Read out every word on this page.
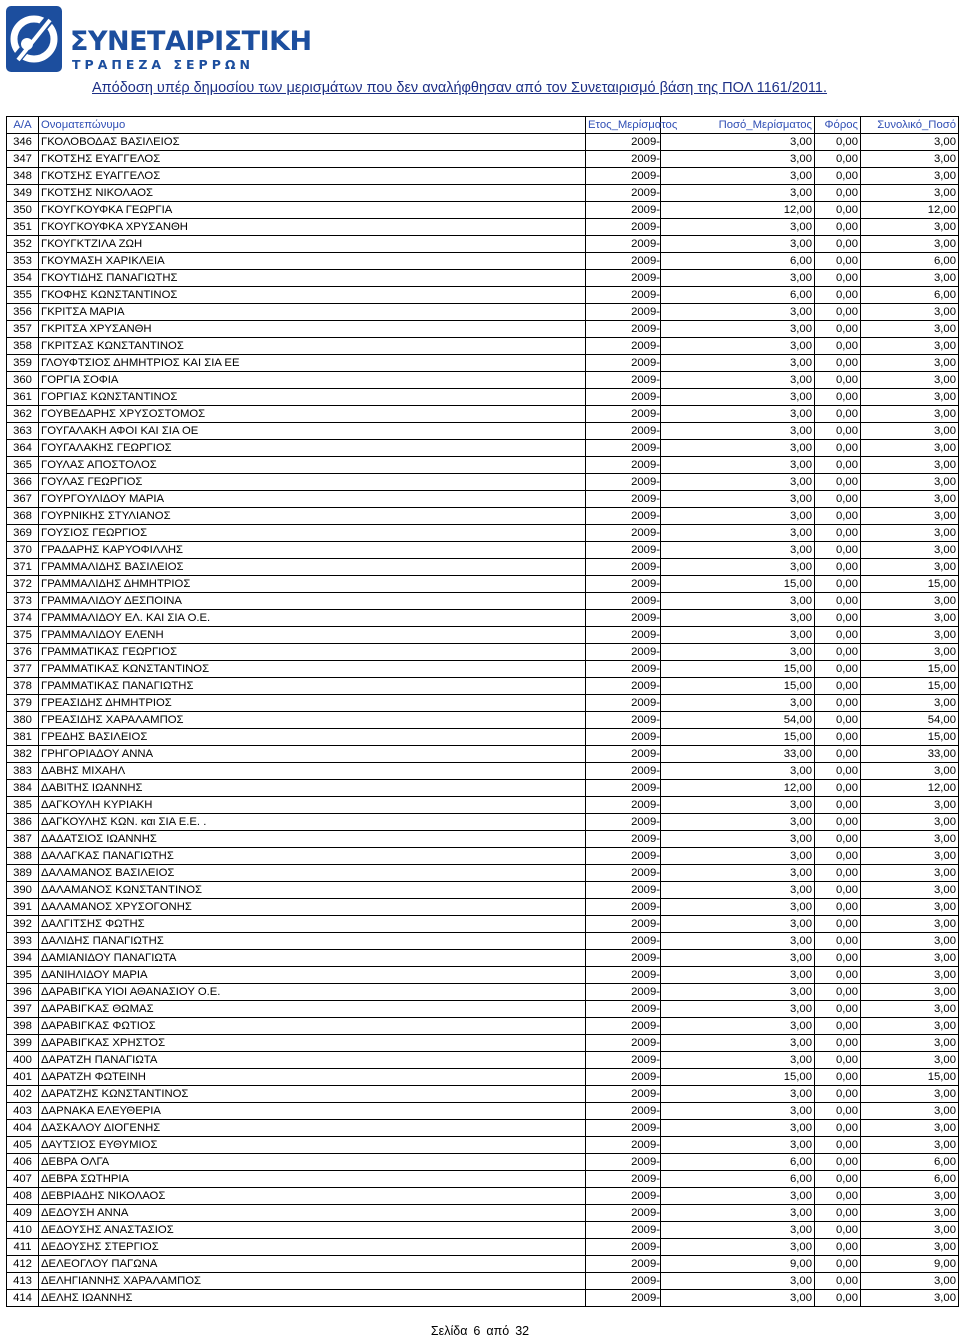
ΣΥΝΕΤΑΙΡΙΣΤΙΚΗ
ΤΡΑΠΕΖΑ ΣΕΡΡΩΝ
Απόδοση υπέρ δημοσίου των μερισμάτων που δεν αναλήφθησαν από τον Συνεταιρισμό βάση της ΠΟΛ 1161/2011.
Α/Α	Ονοματεπώνυμο	Ετος_Μερίσματος	Ποσό_Μερίσματος	Φόρος	Συνολικό_Ποσό
346	ΓΚΟΛΟΒΟΔΑΣ ΒΑΣΙΛΕΙΟΣ	2009-	3,00	0,00	3,00
347	ΓΚΟΤΣΗΣ ΕΥΑΓΓΕΛΟΣ	2009-	3,00	0,00	3,00
348	ΓΚΟΤΣΗΣ ΕΥΑΓΓΕΛΟΣ	2009-	3,00	0,00	3,00
349	ΓΚΟΤΣΗΣ ΝΙΚΟΛΑΟΣ	2009-	3,00	0,00	3,00
350	ΓΚΟΥΓΚΟΥΦΚΑ ΓΕΩΡΓΙΑ	2009-	12,00	0,00	12,00
351	ΓΚΟΥΓΚΟΥΦΚΑ ΧΡΥΣΑΝΘΗ	2009-	3,00	0,00	3,00
352	ΓΚΟΥΓΚΤΖΙΛΑ ΖΩΗ	2009-	3,00	0,00	3,00
353	ΓΚΟΥΜΑΣΗ ΧΑΡΙΚΛΕΙΑ	2009-	6,00	0,00	6,00
354	ΓΚΟΥΤΙΔΗΣ ΠΑΝΑΓΙΩΤΗΣ	2009-	3,00	0,00	3,00
355	ΓΚΟΦΗΣ ΚΩΝΣΤΑΝΤΙΝΟΣ	2009-	6,00	0,00	6,00
356	ΓΚΡΙΤΣΑ ΜΑΡΙΑ	2009-	3,00	0,00	3,00
357	ΓΚΡΙΤΣΑ ΧΡΥΣΑΝΘΗ	2009-	3,00	0,00	3,00
358	ΓΚΡΙΤΣΑΣ ΚΩΝΣΤΑΝΤΙΝΟΣ	2009-	3,00	0,00	3,00
359	ΓΛΟΥΦΤΣΙΟΣ ΔΗΜΗΤΡΙΟΣ ΚΑΙ ΣΙΑ ΕΕ	2009-	3,00	0,00	3,00
360	ΓΟΡΓΙΑ ΣΟΦΙΑ	2009-	3,00	0,00	3,00
361	ΓΟΡΓΙΑΣ ΚΩΝΣΤΑΝΤΙΝΟΣ	2009-	3,00	0,00	3,00
362	ΓΟΥΒΕΔΑΡΗΣ ΧΡΥΣΟΣΤΟΜΟΣ	2009-	3,00	0,00	3,00
363	ΓΟΥΓΑΛΑΚΗ ΑΦΟΙ ΚΑΙ ΣΙΑ ΟΕ	2009-	3,00	0,00	3,00
364	ΓΟΥΓΑΛΑΚΗΣ ΓΕΩΡΓΙΟΣ	2009-	3,00	0,00	3,00
365	ΓΟΥΛΑΣ ΑΠΟΣΤΟΛΟΣ	2009-	3,00	0,00	3,00
366	ΓΟΥΛΑΣ ΓΕΩΡΓΙΟΣ	2009-	3,00	0,00	3,00
367	ΓΟΥΡΓΟΥΛΙΔΟΥ ΜΑΡΙΑ	2009-	3,00	0,00	3,00
368	ΓΟΥΡΝΙΚΗΣ ΣΤΥΛΙΑΝΟΣ	2009-	3,00	0,00	3,00
369	ΓΟΥΣΙΟΣ ΓΕΩΡΓΙΟΣ	2009-	3,00	0,00	3,00
370	ΓΡΑΔΑΡΗΣ ΚΑΡΥΟΦΙΛΛΗΣ	2009-	3,00	0,00	3,00
371	ΓΡΑΜΜΑΛΙΔΗΣ ΒΑΣΙΛΕΙΟΣ	2009-	3,00	0,00	3,00
372	ΓΡΑΜΜΑΛΙΔΗΣ ΔΗΜΗΤΡΙΟΣ	2009-	15,00	0,00	15,00
373	ΓΡΑΜΜΑΛΙΔΟΥ ΔΕΣΠΟΙΝΑ	2009-	3,00	0,00	3,00
374	ΓΡΑΜΜΑΛΙΔΟΥ ΕΛ. ΚΑΙ ΣΙΑ Ο.Ε.	2009-	3,00	0,00	3,00
375	ΓΡΑΜΜΑΛΙΔΟΥ ΕΛΕΝΗ	2009-	3,00	0,00	3,00
376	ΓΡΑΜΜΑΤΙΚΑΣ ΓΕΩΡΓΙΟΣ	2009-	3,00	0,00	3,00
377	ΓΡΑΜΜΑΤΙΚΑΣ ΚΩΝΣΤΑΝΤΙΝΟΣ	2009-	15,00	0,00	15,00
378	ΓΡΑΜΜΑΤΙΚΑΣ ΠΑΝΑΓΙΩΤΗΣ	2009-	15,00	0,00	15,00
379	ΓΡΕΑΣΙΔΗΣ ΔΗΜΗΤΡΙΟΣ	2009-	3,00	0,00	3,00
380	ΓΡΕΑΣΙΔΗΣ ΧΑΡΑΛΑΜΠΟΣ	2009-	54,00	0,00	54,00
381	ΓΡΕΔΗΣ ΒΑΣΙΛΕΙΟΣ	2009-	15,00	0,00	15,00
382	ΓΡΗΓΟΡΙΑΔΟΥ ΑΝΝΑ	2009-	33,00	0,00	33,00
383	ΔΑΒΗΣ ΜΙΧΑΗΛ	2009-	3,00	0,00	3,00
384	ΔΑΒΙΤΗΣ ΙΩΑΝΝΗΣ	2009-	12,00	0,00	12,00
385	ΔΑΓΚΟΥΛΗ ΚΥΡΙΑΚΗ	2009-	3,00	0,00	3,00
386	ΔΑΓΚΟΥΛΗΣ ΚΩΝ. και ΣΙΑ Ε.Ε. .	2009-	3,00	0,00	3,00
387	ΔΑΔΑΤΣΙΟΣ ΙΩΑΝΝΗΣ	2009-	3,00	0,00	3,00
388	ΔΑΛΑΓΚΑΣ ΠΑΝΑΓΙΩΤΗΣ	2009-	3,00	0,00	3,00
389	ΔΑΛΑΜΑΝΟΣ ΒΑΣΙΛΕΙΟΣ	2009-	3,00	0,00	3,00
390	ΔΑΛΑΜΑΝΟΣ ΚΩΝΣΤΑΝΤΙΝΟΣ	2009-	3,00	0,00	3,00
391	ΔΑΛΑΜΑΝΟΣ ΧΡΥΣΟΓΟΝΗΣ	2009-	3,00	0,00	3,00
392	ΔΑΛΓΙΤΣΗΣ ΦΩΤΗΣ	2009-	3,00	0,00	3,00
393	ΔΑΛΙΔΗΣ ΠΑΝΑΓΙΩΤΗΣ	2009-	3,00	0,00	3,00
394	ΔΑΜΙΑΝΙΔΟΥ ΠΑΝΑΓΙΩΤΑ	2009-	3,00	0,00	3,00
395	ΔΑΝΙΗΛΙΔΟΥ ΜΑΡΙΑ	2009-	3,00	0,00	3,00
396	ΔΑΡΑΒΙΓΚΑ ΥΙΟΙ ΑΘΑΝΑΣΙΟΥ Ο.Ε.	2009-	3,00	0,00	3,00
397	ΔΑΡΑΒΙΓΚΑΣ ΘΩΜΑΣ	2009-	3,00	0,00	3,00
398	ΔΑΡΑΒΙΓΚΑΣ ΦΩΤΙΟΣ	2009-	3,00	0,00	3,00
399	ΔΑΡΑΒΙΓΚΑΣ ΧΡΗΣΤΟΣ	2009-	3,00	0,00	3,00
400	ΔΑΡΑΤΖΗ ΠΑΝΑΓΙΩΤΑ	2009-	3,00	0,00	3,00
401	ΔΑΡΑΤΖΗ ΦΩΤΕΙΝΗ	2009-	15,00	0,00	15,00
402	ΔΑΡΑΤΖΗΣ ΚΩΝΣΤΑΝΤΙΝΟΣ	2009-	3,00	0,00	3,00
403	ΔΑΡΝΑΚΑ ΕΛΕΥΘΕΡΙΑ	2009-	3,00	0,00	3,00
404	ΔΑΣΚΑΛΟΥ ΔΙΟΓΕΝΗΣ	2009-	3,00	0,00	3,00
405	ΔΑΥΤΣΙΟΣ ΕΥΘΥΜΙΟΣ	2009-	3,00	0,00	3,00
406	ΔΕΒΡΑ ΟΛΓΑ	2009-	6,00	0,00	6,00
407	ΔΕΒΡΑ ΣΩΤΗΡΙΑ	2009-	6,00	0,00	6,00
408	ΔΕΒΡΙΑΔΗΣ ΝΙΚΟΛΑΟΣ	2009-	3,00	0,00	3,00
409	ΔΕΔΟΥΣΗ ΑΝΝΑ	2009-	3,00	0,00	3,00
410	ΔΕΔΟΥΣΗΣ ΑΝΑΣΤΑΣΙΟΣ	2009-	3,00	0,00	3,00
411	ΔΕΔΟΥΣΗΣ ΣΤΕΡΓΙΟΣ	2009-	3,00	0,00	3,00
412	ΔΕΛΕΟΓΛΟΥ ΠΑΓΩΝΑ	2009-	9,00	0,00	9,00
413	ΔΕΛΗΓΙΑΝΝΗΣ ΧΑΡΑΛΑΜΠΟΣ	2009-	3,00	0,00	3,00
414	ΔΕΛΗΣ ΙΩΑΝΝΗΣ	2009-	3,00	0,00	3,00
Σελίδα 6 από 32
